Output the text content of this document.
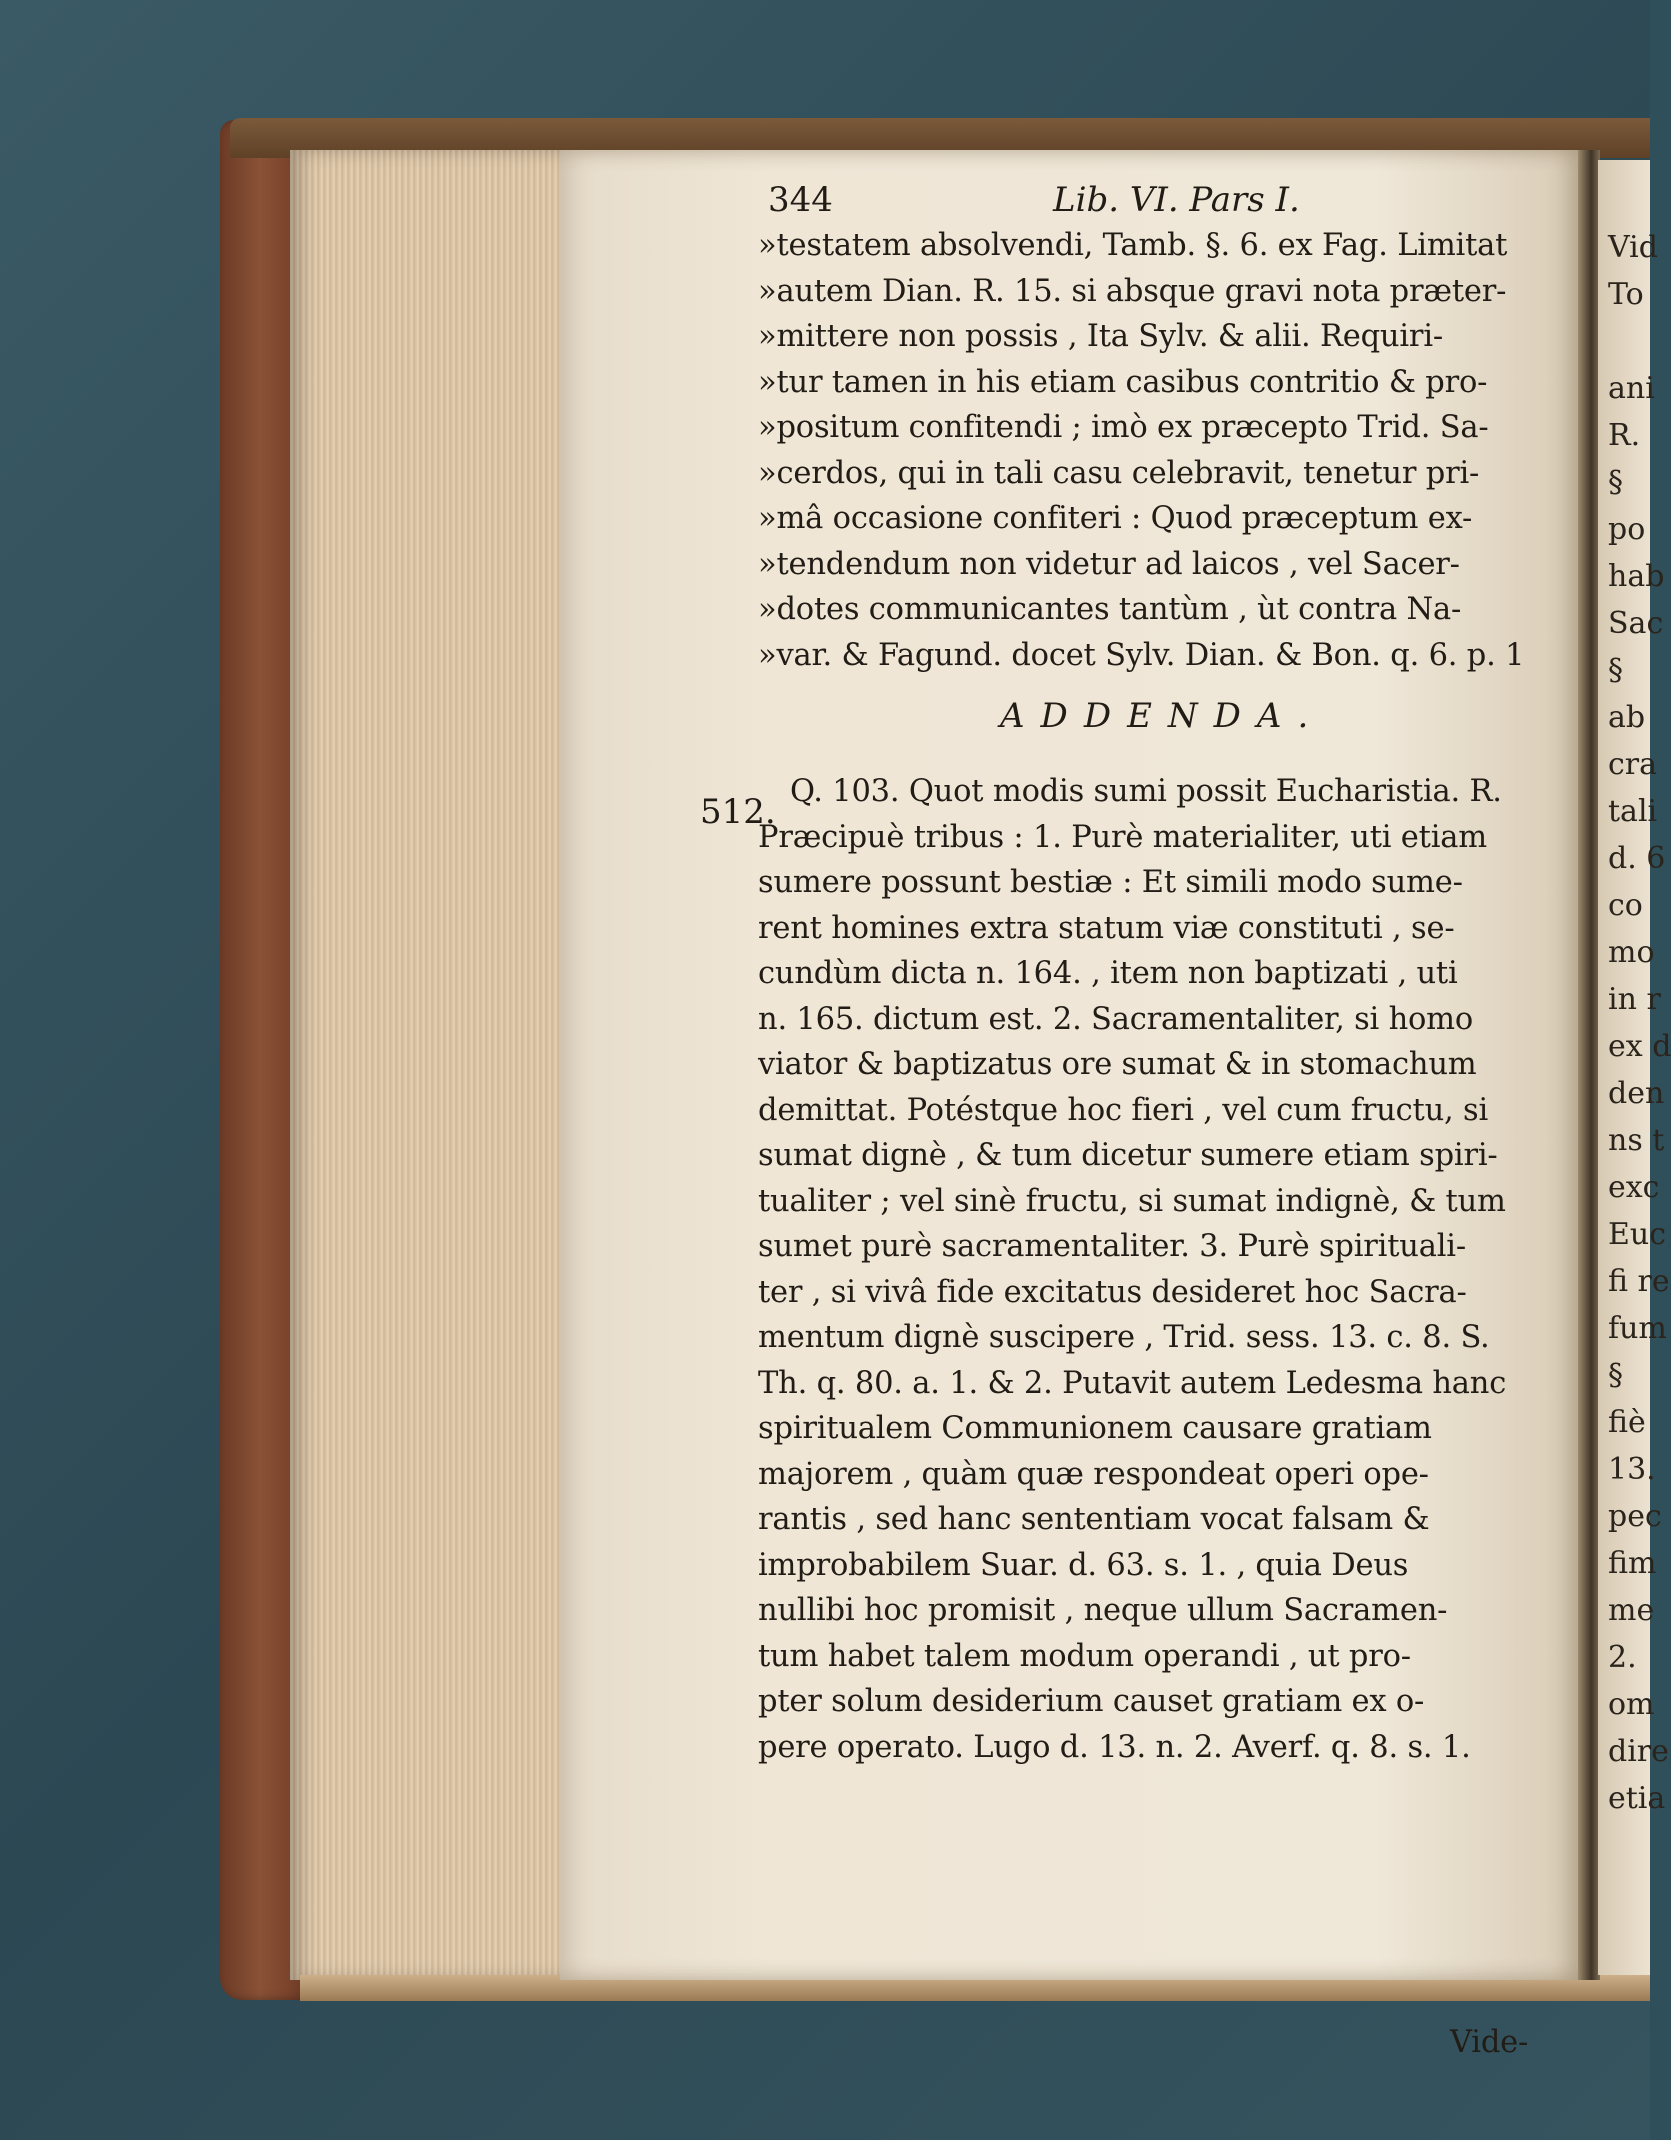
Vid
To
ani
R.
§
po
hab
Sac
§
ab
cra
tali
d. 6
co
mo
in r
ex d
den
ns t
exc
Euc
fi re
fum
§
fiè
13.
pec
fim
me
2.
om
dire
etia
344	Lib. VI. Pars I.
»testatem absolvendi, Tamb. §. 6. ex Fag. Limitat
»autem Dian. R. 15. si absque gravi nota præter-
»mittere non possis , Ita Sylv. & alii. Requiri-
»tur tamen in his etiam casibus contritio & pro-
»positum confitendi ; imò ex præcepto Trid. Sa-
»cerdos, qui in tali casu celebravit, tenetur pri-
»mâ occasione confiteri : Quod præceptum ex-
»tendendum non videtur ad laicos , vel Sacer-
»dotes communicantes tantùm , ùt contra Na-
»var. & Fagund. docet Sylv. Dian. & Bon. q. 6. p. 1
ADDENDA.
512.
Q. 103. Quot modis sumi possit Eucharistia. R.
Præcipuè tribus : 1. Purè materialiter, uti etiam
sumere possunt bestiæ : Et simili modo sume-
rent homines extra statum viæ constituti , se-
cundùm dicta n. 164. , item non baptizati , uti
n. 165. dictum est. 2. Sacramentaliter, si homo
viator & baptizatus ore sumat & in stomachum
demittat. Potéstque hoc fieri , vel cum fructu, si
sumat dignè , & tum dicetur sumere etiam spiri-
tualiter ; vel sinè fructu, si sumat indignè, & tum
sumet purè sacramentaliter. 3. Purè spirituali-
ter , si vivâ fide excitatus desideret hoc Sacra-
mentum dignè suscipere , Trid. sess. 13. c. 8. S.
Th. q. 80. a. 1. & 2. Putavit autem Ledesma hanc
spiritualem Communionem causare gratiam
majorem , quàm quæ respondeat operi ope-
rantis , sed hanc sententiam vocat falsam &
improbabilem Suar. d. 63. s. 1. , quia Deus
nullibi hoc promisit , neque ullum Sacramen-
tum habet talem modum operandi , ut pro-
pter solum desiderium causet gratiam ex o-
pere operato. Lugo d. 13. n. 2. Averf. q. 8. s. 1.
Vide-
